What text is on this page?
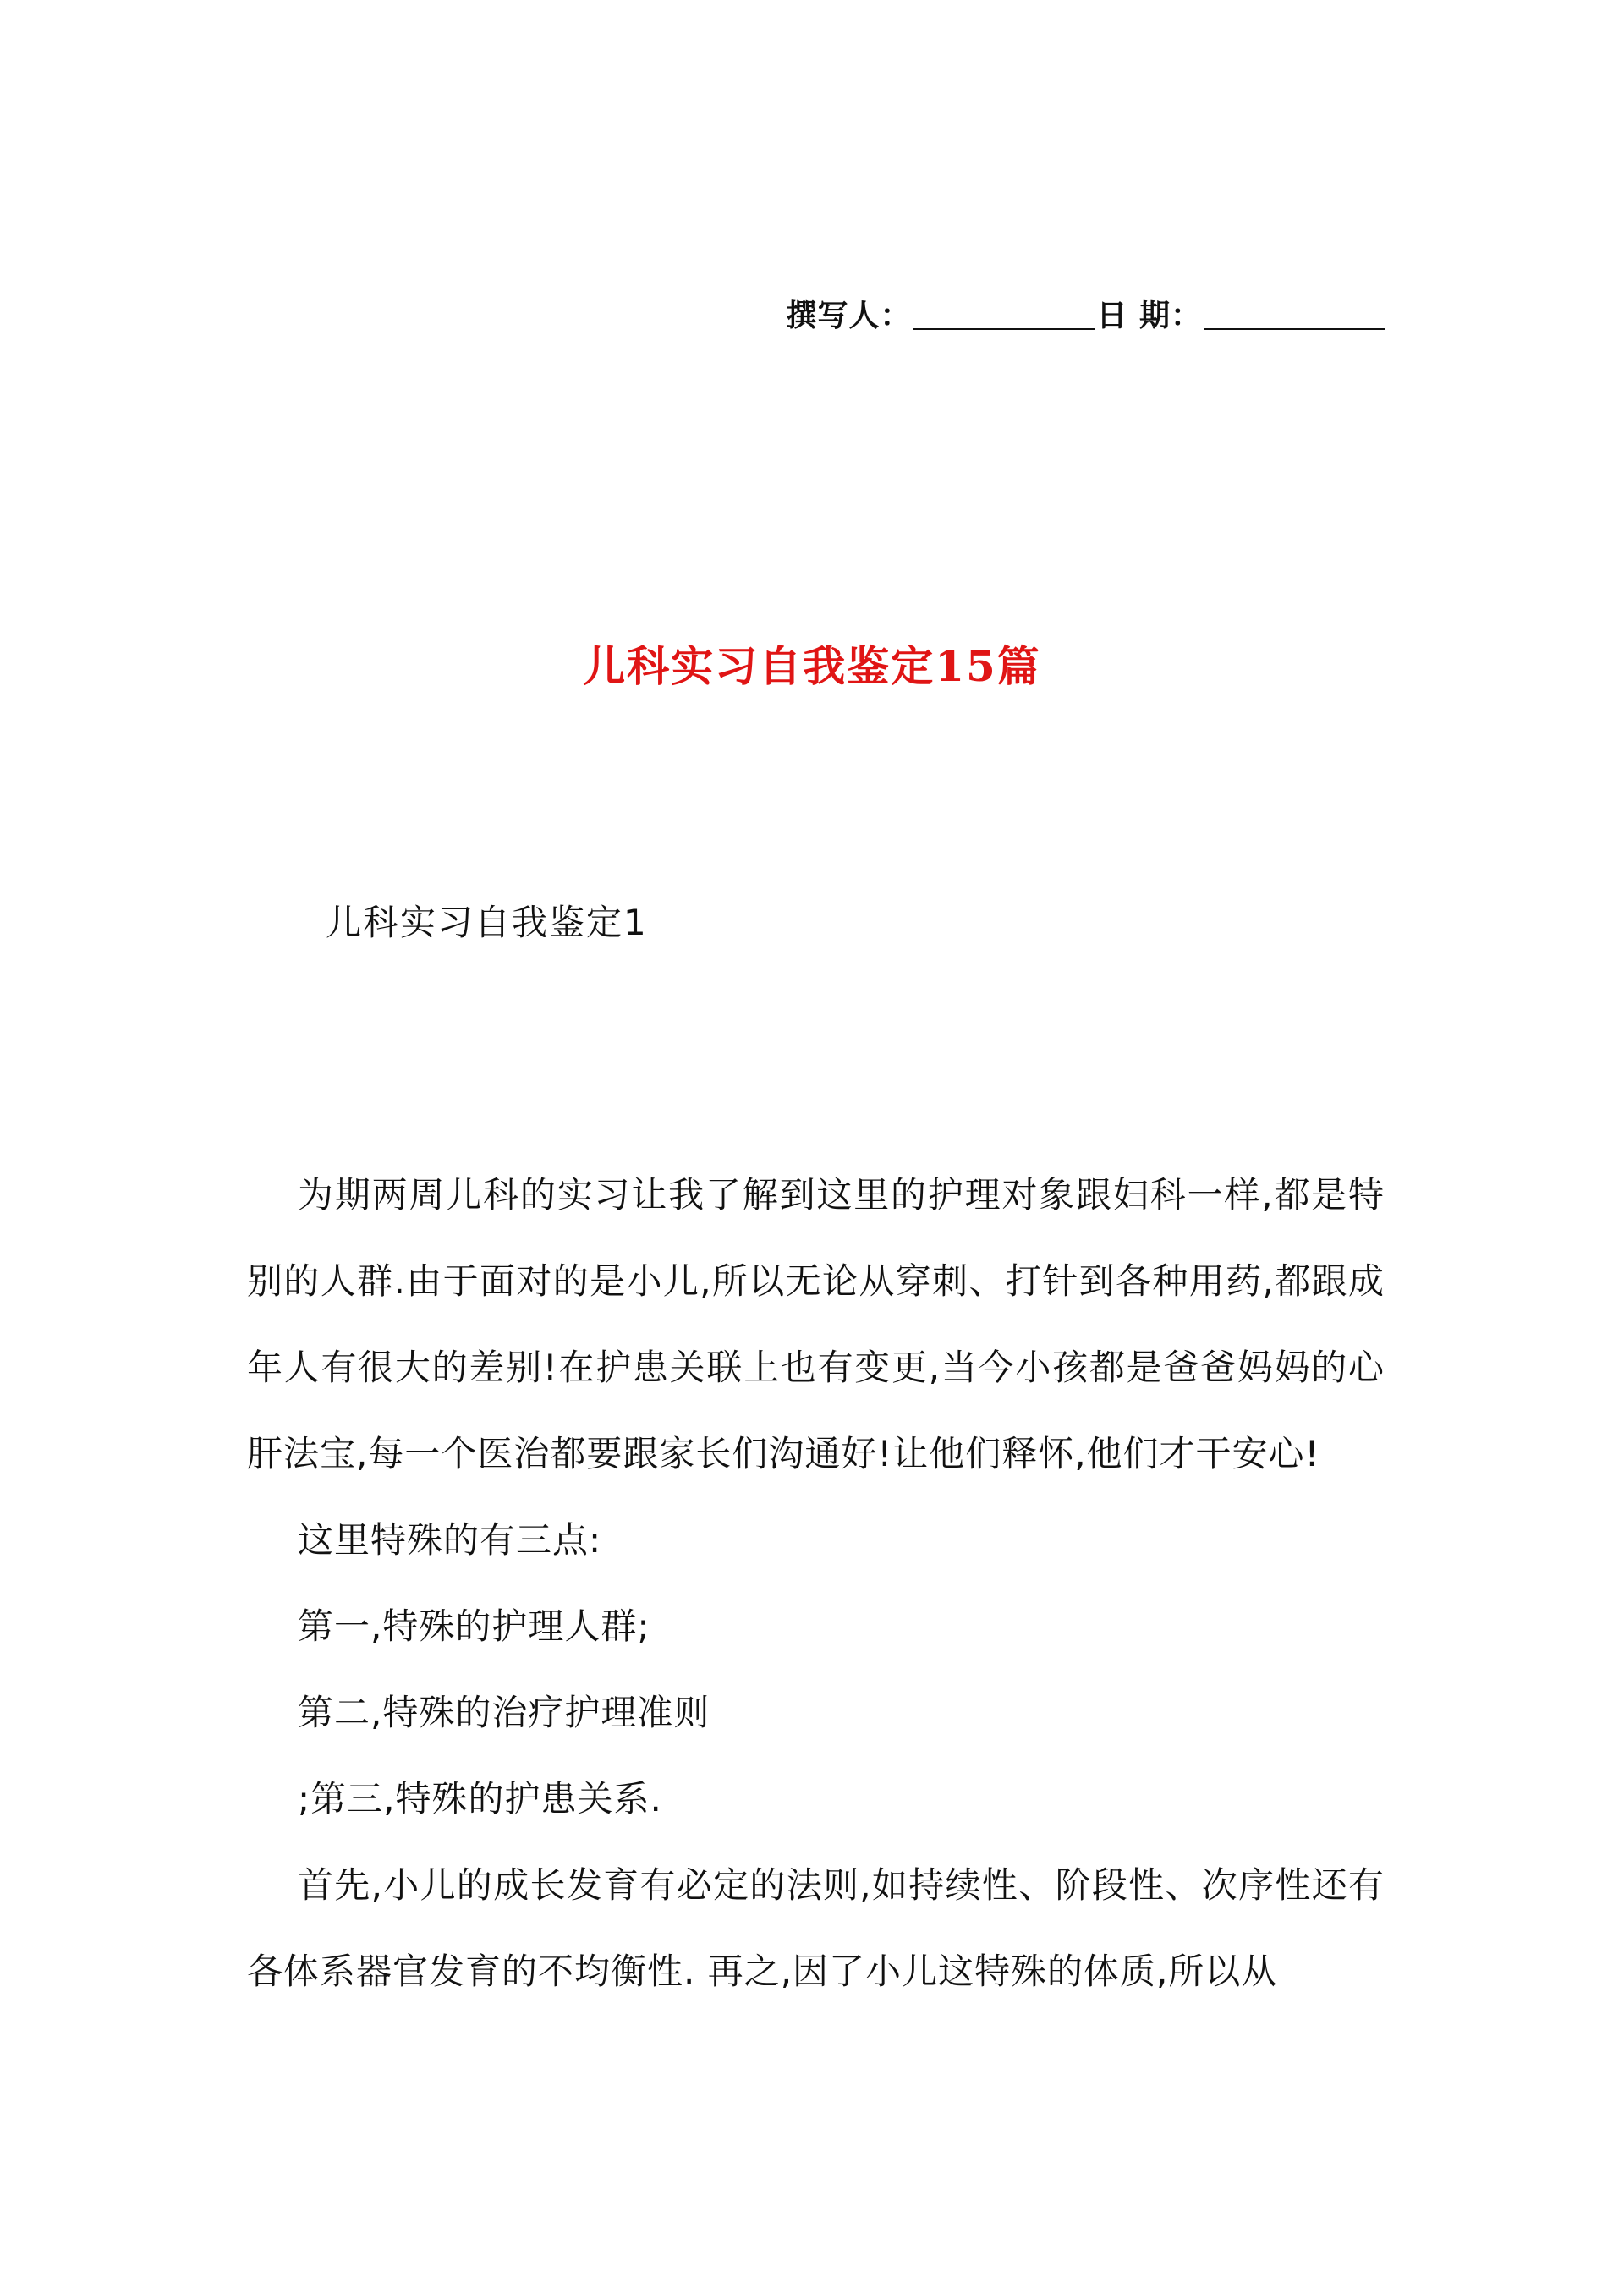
撰写人：	日 期：
儿科实习自我鉴定15篇
儿科实习自我鉴定1

为期两周儿科的实习让我了解到这里的护理对象跟妇科一样,都是特别的人群.由于面对的是小儿,所以无论从穿刺、打针到各种用药,都跟成年人有很大的差别!在护患关联上也有变更,当今小孩都是爸爸妈妈的心肝法宝,每一个医治都要跟家长们沟通好!让他们释怀,他们才干安心!

这里特殊的有三点:

第一,特殊的护理人群;

第二,特殊的治疗护理准则

;第三,特殊的护患关系.

首先,小儿的成长发育有必定的法则,如持续性、阶段性、次序性还有各体系器官发育的不均衡性. 再之,因了小儿这特殊的体质,所以从
